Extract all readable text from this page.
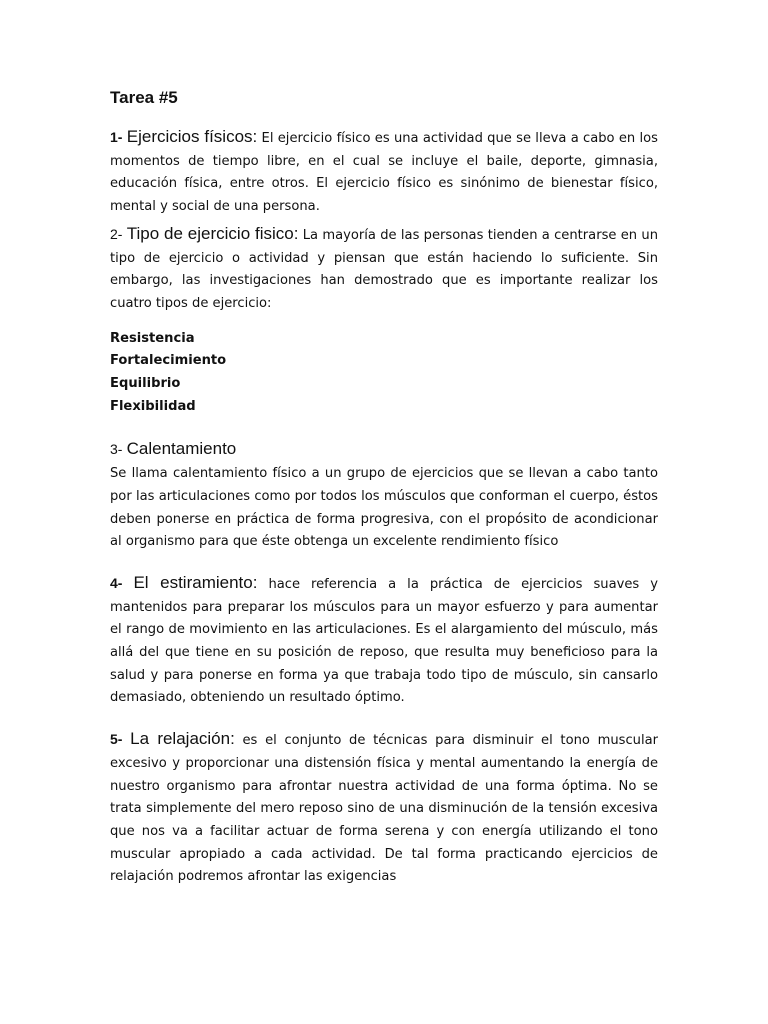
Tarea #5

1- Ejercicios físicos: El ejercicio físico es una actividad que se lleva a cabo en los momentos de tiempo libre, en el cual se incluye el baile, deporte, gimnasia, educación física, entre otros. El ejercicio físico es sinónimo de bienestar físico, mental y social de una persona.

2- Tipo de ejercicio fisico: La mayoría de las personas tienden a centrarse en un tipo de ejercicio o actividad y piensan que están haciendo lo suficiente. Sin embargo, las investigaciones han demostrado que es importante realizar los cuatro tipos de ejercicio:

Resistencia
Fortalecimiento
Equilibrio
Flexibilidad

3- Calentamiento
Se llama calentamiento físico a un grupo de ejercicios que se llevan a cabo tanto por las articulaciones como por todos los músculos que conforman el cuerpo, éstos deben ponerse en práctica de forma progresiva, con el propósito de acondicionar al organismo para que éste obtenga un excelente rendimiento físico

4- El estiramiento: hace referencia a la práctica de ejercicios suaves y mantenidos para preparar los músculos para un mayor esfuerzo y para aumentar el rango de movimiento en las articulaciones. Es el alargamiento del músculo, más allá del que tiene en su posición de reposo, que resulta muy beneficioso para la salud y para ponerse en forma ya que trabaja todo tipo de músculo, sin cansarlo demasiado, obteniendo un resultado óptimo.

5- La relajación: es el conjunto de técnicas para disminuir el tono muscular excesivo y proporcionar una distensión física y mental aumentando la energía de nuestro organismo para afrontar nuestra actividad de una forma óptima. No se trata simplemente del mero reposo sino de una disminución de la tensión excesiva que nos va a facilitar actuar de forma serena y con energía utilizando el tono muscular apropiado a cada actividad. De tal forma practicando ejercicios de relajación podremos afrontar las exigencias
